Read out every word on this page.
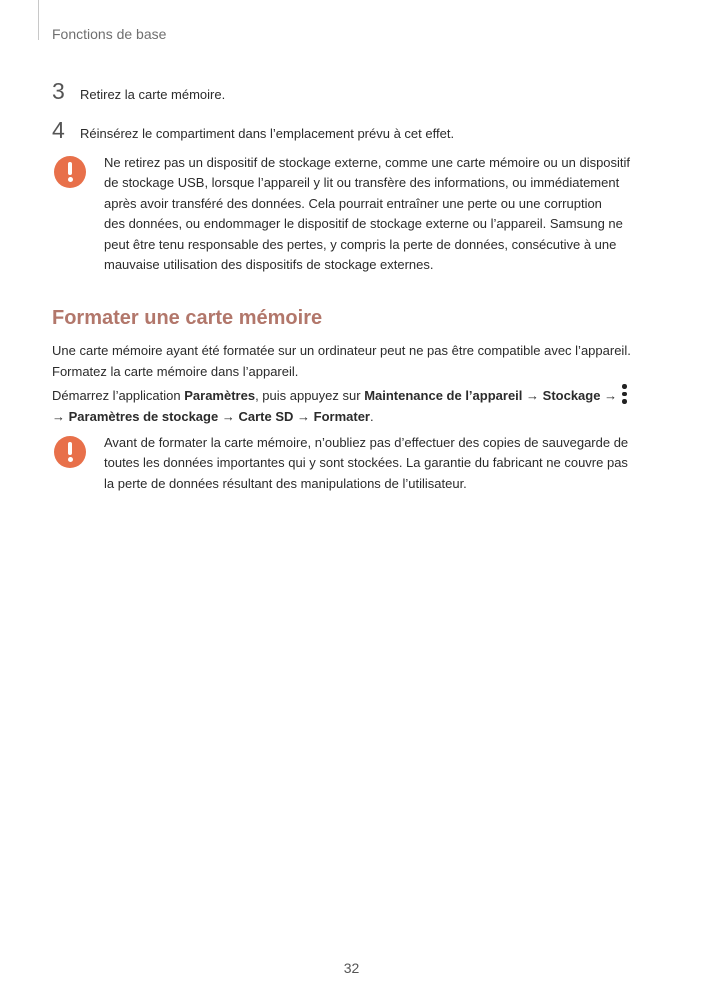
Fonctions de base
3	Retirez la carte mémoire.
4	Réinsérez le compartiment dans l’emplacement prévu à cet effet.
Ne retirez pas un dispositif de stockage externe, comme une carte mémoire ou un dispositif
de stockage USB, lorsque l’appareil y lit ou transfère des informations, ou immédiatement
après avoir transféré des données. Cela pourrait entraîner une perte ou une corruption
des données, ou endommager le dispositif de stockage externe ou l’appareil. Samsung ne
peut être tenu responsable des pertes, y compris la perte de données, consécutive à une
mauvaise utilisation des dispositifs de stockage externes.
Formater une carte mémoire
Une carte mémoire ayant été formatée sur un ordinateur peut ne pas être compatible avec l’appareil.
Formatez la carte mémoire dans l’appareil.
Démarrez l’application Paramètres, puis appuyez sur Maintenance de l’appareil → Stockage →
→ Paramètres de stockage → Carte SD → Formater.
Avant de formater la carte mémoire, n’oubliez pas d’effectuer des copies de sauvegarde de
toutes les données importantes qui y sont stockées. La garantie du fabricant ne couvre pas
la perte de données résultant des manipulations de l’utilisateur.
32
